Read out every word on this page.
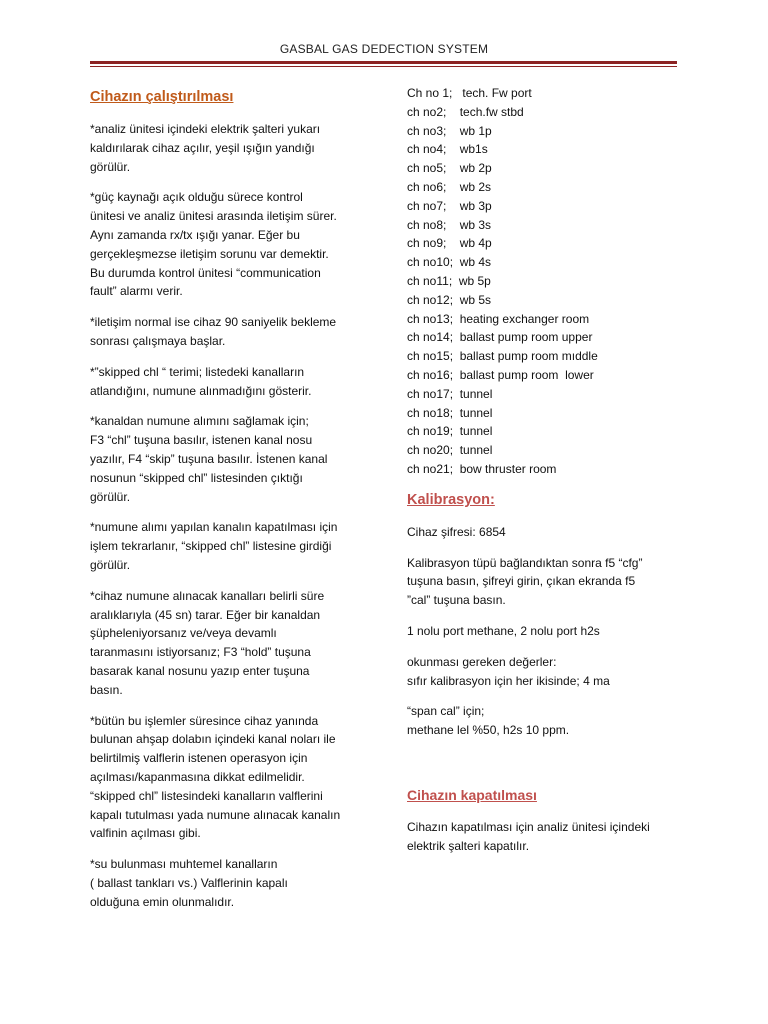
GASBAL GAS DEDECTION SYSTEM
Cihazın çalıştırılması

*analiz ünitesi içindeki elektrik şalteri yukarı
kaldırılarak cihaz açılır, yeşil ışığın yandığı
görülür.

*güç kaynağı açık olduğu sürece kontrol
ünitesi ve analiz ünitesi arasında iletişim sürer.
Aynı zamanda rx/tx ışığı yanar. Eğer bu
gerçekleşmezse iletişim sorunu var demektir.
Bu durumda kontrol ünitesi “communication
fault” alarmı verir.

*iletişim normal ise cihaz 90 saniyelik bekleme
sonrası çalışmaya başlar.

*”skipped chl “ terimi; listedeki kanalların
atlandığını, numune alınmadığını gösterir.

*kanaldan numune alımını sağlamak için;
F3 “chl” tuşuna basılır, istenen kanal nosu
yazılır, F4 “skip” tuşuna basılır. İstenen kanal
nosunun “skipped chl” listesinden çıktığı
görülür.

*numune alımı yapılan kanalın kapatılması için
işlem tekrarlanır, “skipped chl” listesine girdiği
görülür.

*cihaz numune alınacak kanalları belirli süre
aralıklarıyla (45 sn) tarar. Eğer bir kanaldan
şüpheleniyorsanız ve/veya devamlı
taranmasını istiyorsanız; F3 “hold” tuşuna
basarak kanal nosunu yazıp enter tuşuna
basın.

*bütün bu işlemler süresince cihaz yanında
bulunan ahşap dolabın içindeki kanal noları ile
belirtilmiş valflerin istenen operasyon için
açılması/kapanmasına dikkat edilmelidir.
“skipped chl” listesindeki kanalların valflerini
kapalı tutulması yada numune alınacak kanalın
valfinin açılması gibi.

*su bulunması muhtemel kanalların
( ballast tankları vs.) Valflerinin kapalı
olduğuna emin olunmalıdır.

Ch no 1;   tech. Fw port
ch no2;    tech.fw stbd
ch no3;    wb 1p
ch no4;    wb1s
ch no5;    wb 2p
ch no6;    wb 2s
ch no7;    wb 3p
ch no8;    wb 3s
ch no9;    wb 4p
ch no10;  wb 4s
ch no11;  wb 5p
ch no12;  wb 5s
ch no13;  heating exchanger room
ch no14;  ballast pump room upper
ch no15;  ballast pump room mıddle
ch no16;  ballast pump room  lower
ch no17;  tunnel
ch no18;  tunnel
ch no19;  tunnel
ch no20;  tunnel
ch no21;  bow thruster room
Kalibrasyon:

Cihaz şifresi: 6854

Kalibrasyon tüpü bağlandıktan sonra f5 “cfg”
tuşuna basın, şifreyi girin, çıkan ekranda f5
”cal” tuşuna basın.

1 nolu port methane, 2 nolu port h2s

okunması gereken değerler:
sıfır kalibrasyon için her ikisinde; 4 ma

“span cal” için;
methane lel %50, h2s 10 ppm.

Cihazın kapatılması

Cihazın kapatılması için analiz ünitesi içindeki
elektrik şalteri kapatılır.
